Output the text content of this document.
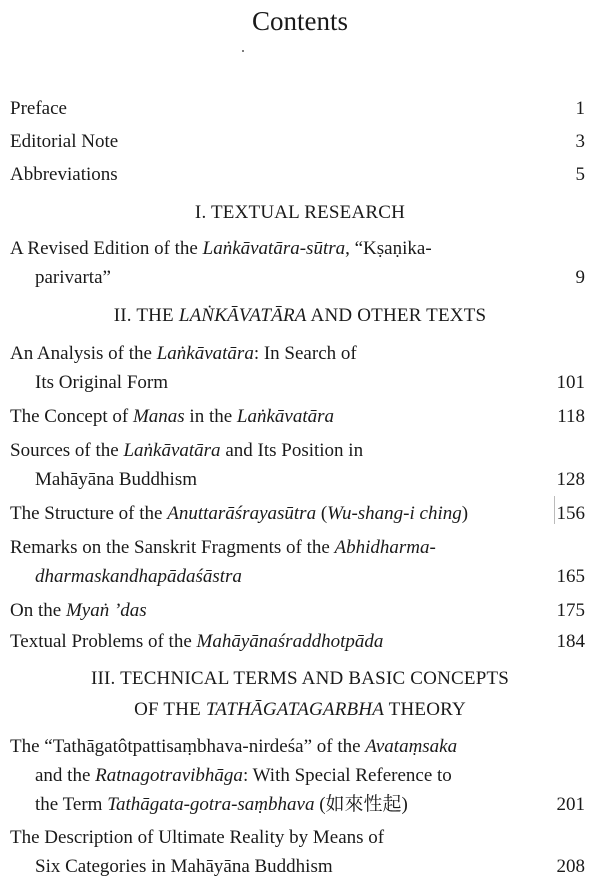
Contents
Preface	1
Editorial Note	3
Abbreviations	5
I. TEXTUAL RESEARCH
A Revised Edition of the Laṅkāvatāra-sūtra, “Kṣaṇika-
parivarta”	9
II. THE LAṄKĀVATĀRA AND OTHER TEXTS
An Analysis of the Laṅkāvatāra: In Search of
Its Original Form	101
The Concept of Manas in the Laṅkāvatāra	118
Sources of the Laṅkāvatāra and Its Position in
Mahāyāna Buddhism	128
The Structure of the Anuttarāśrayasūtra (Wu-shang-i ching)	156
Remarks on the Sanskrit Fragments of the Abhidharma-
dharmaskandhapādaśāstra	165
On the Myaṅ ’das	175
Textual Problems of the Mahāyānaśraddhotpāda	184
III. TECHNICAL TERMS AND BASIC CONCEPTS
OF THE TATHĀGATAGARBHA THEORY
The “Tathāgatôtpattisaṃbhava-nirdeśa” of the Avataṃsaka
and the Ratnagotravibhāga: With Special Reference to
the Term Tathāgata-gotra-saṃbhava (如來性起)	201
The Description of Ultimate Reality by Means of
Six Categories in Mahāyāna Buddhism	208
